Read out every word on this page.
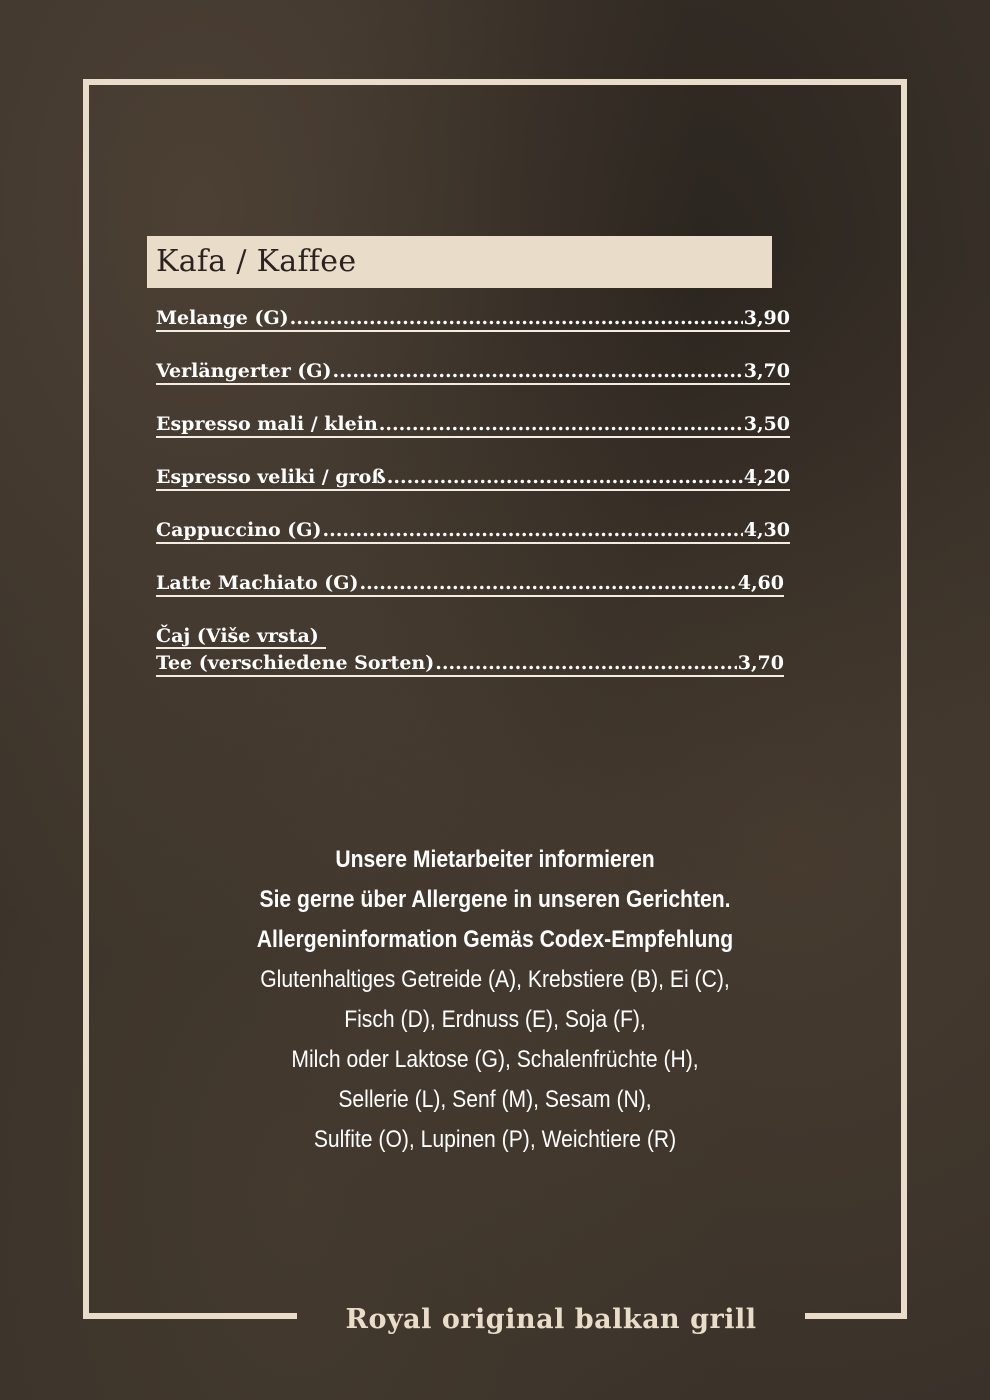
Kafa / Kaffee
Melange (G) .....	3,90
Verlängerter (G) .....	3,70
Espresso mali / klein .....	3,50
Espresso veliki / groß .....	4,20
Cappuccino (G) .....	4,30
Latte Machiato (G) .....	4,60
Čaj (Više vrsta)
Tee (verschiedene Sorten) .....	3,70
Unsere Mietarbeiter informieren
Sie gerne über Allergene in unseren Gerichten.
Allergeninformation Gemäs Codex-Empfehlung
Glutenhaltiges Getreide (A), Krebstiere (B), Ei (C),
Fisch (D), Erdnuss (E), Soja (F),
Milch oder Laktose (G), Schalenfrüchte (H),
Sellerie (L), Senf (M), Sesam (N),
Sulfite (O), Lupinen (P), Weichtiere (R)
Royal original balkan grill
